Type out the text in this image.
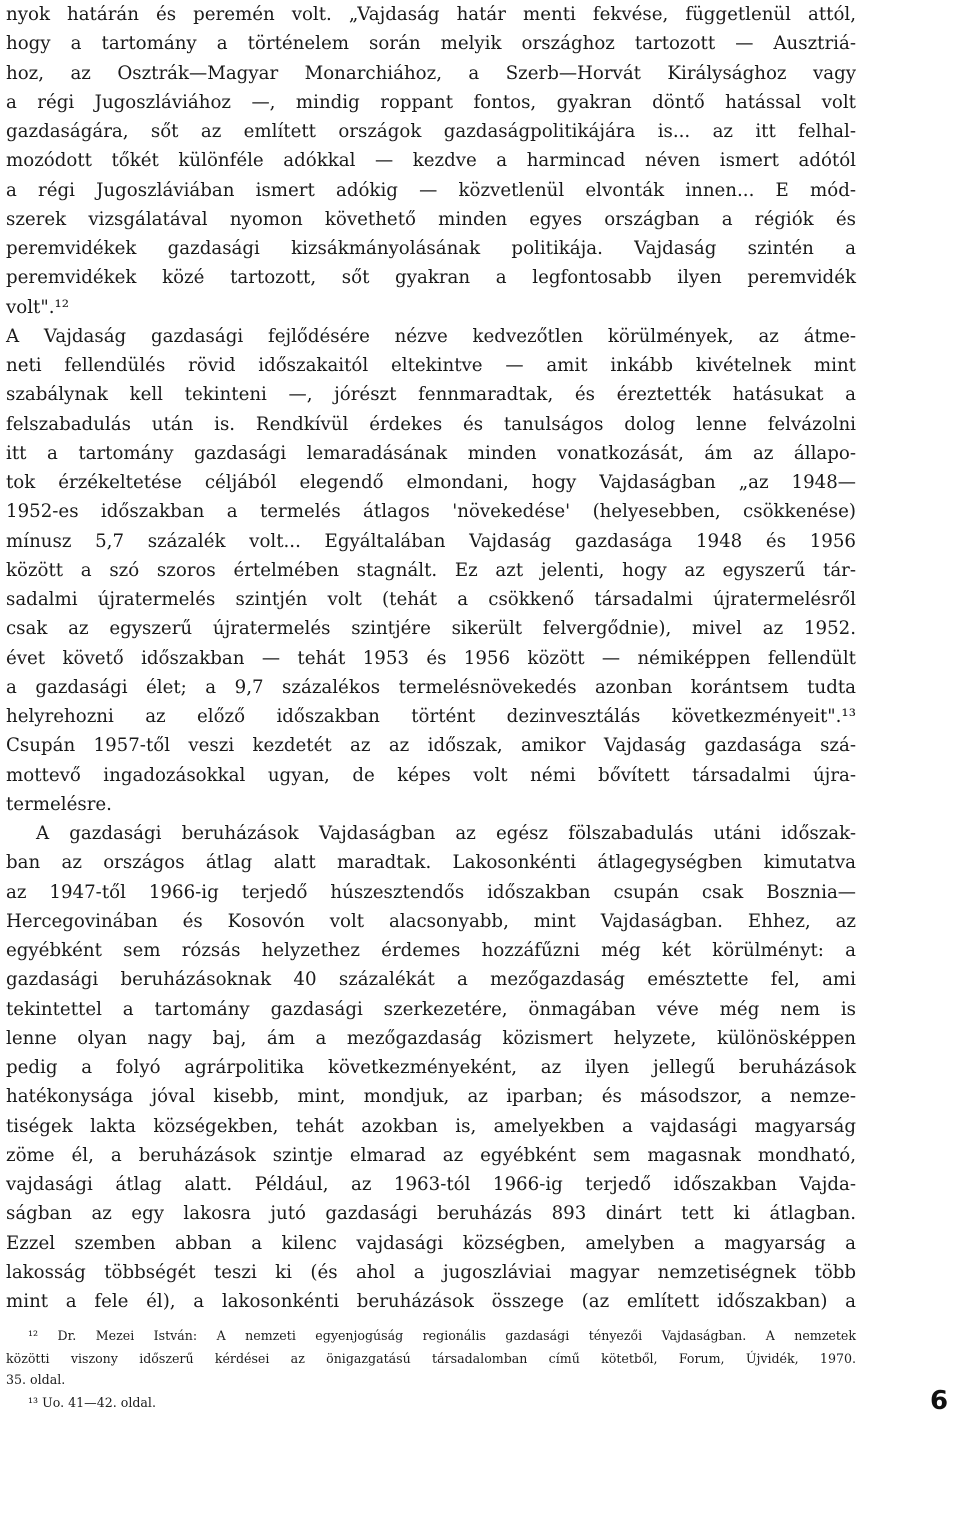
nyok határán és peremén volt. „Vajdaság határ menti fekvése, függetlenül attól,
hogy a tartomány a történelem során melyik országhoz tartozott — Ausztriá-
hoz, az Osztrák—Magyar Monarchiához, a Szerb—Horvát Királysághoz vagy
a régi Jugoszláviához —, mindig roppant fontos, gyakran döntő hatással volt
gazdaságára, sőt az említett országok gazdaságpolitikájára is... az itt felhal-
mozódott tőkét különféle adókkal — kezdve a harmincad néven ismert adótól
a régi Jugoszláviában ismert adókig — közvetlenül elvonták innen... E mód-
szerek vizsgálatával nyomon követhető minden egyes országban a régiók és
peremvidékek gazdasági kizsákmányolásának politikája. Vajdaság szintén a
peremvidékek közé tartozott, sőt gyakran a legfontosabb ilyen peremvidék
volt".¹²
A Vajdaság gazdasági fejlődésére nézve kedvezőtlen körülmények, az átme-
neti fellendülés rövid időszakaitól eltekintve — amit inkább kivételnek mint
szabálynak kell tekinteni —, jórészt fennmaradtak, és éreztették hatásukat a
felszabadulás után is. Rendkívül érdekes és tanulságos dolog lenne felvázolni
itt a tartomány gazdasági lemaradásának minden vonatkozását, ám az állapo-
tok érzékeltetése céljából elegendő elmondani, hogy Vajdaságban „az 1948—
1952-es időszakban a termelés átlagos 'növekedése' (helyesebben, csökkenése)
mínusz 5,7 százalék volt... Egyáltalában Vajdaság gazdasága 1948 és 1956
között a szó szoros értelmében stagnált. Ez azt jelenti, hogy az egyszerű tár-
sadalmi újratermelés szintjén volt (tehát a csökkenő társadalmi újratermelésről
csak az egyszerű újratermelés szintjére sikerült felvergődnie), mivel az 1952.
évet követő időszakban — tehát 1953 és 1956 között — némiképpen fellendült
a gazdasági élet; a 9,7 százalékos termelésnövekedés azonban korántsem tudta
helyrehozni az előző időszakban történt dezinvesztálás következményeit".¹³
Csupán 1957-től veszi kezdetét az az időszak, amikor Vajdaság gazdasága szá-
mottevő ingadozásokkal ugyan, de képes volt némi bővített társadalmi újra-
termelésre.
A gazdasági beruházások Vajdaságban az egész fölszabadulás utáni időszak-
ban az országos átlag alatt maradtak. Lakosonkénti átlagegységben kimutatva
az 1947-től 1966-ig terjedő húszesztendős időszakban csupán csak Bosznia—
Hercegovinában és Kosovón volt alacsonyabb, mint Vajdaságban. Ehhez, az
egyébként sem rózsás helyzethez érdemes hozzáfűzni még két körülményt: a
gazdasági beruházásoknak 40 százalékát a mezőgazdaság emésztette fel, ami
tekintettel a tartomány gazdasági szerkezetére, önmagában véve még nem is
lenne olyan nagy baj, ám a mezőgazdaság közismert helyzete, különösképpen
pedig a folyó agrárpolitika következményeként, az ilyen jellegű beruházások
hatékonysága jóval kisebb, mint, mondjuk, az iparban; és másodszor, a nemze-
tiségek lakta községekben, tehát azokban is, amelyekben a vajdasági magyarság
zöme él, a beruházások szintje elmarad az egyébként sem magasnak mondható,
vajdasági átlag alatt. Például, az 1963-tól 1966-ig terjedő időszakban Vajda-
ságban az egy lakosra jutó gazdasági beruházás 893 dinárt tett ki átlagban.
Ezzel szemben abban a kilenc vajdasági községben, amelyben a magyarság a
lakosság többségét teszi ki (és ahol a jugoszláviai magyar nemzetiségnek több
mint a fele él), a lakosonkénti beruházások összege (az említett időszakban) a
¹² Dr. Mezei István: A nemzeti egyenjogúság regionális gazdasági tényezői Vajdaságban. A nemzetek
közötti viszony időszerű kérdései az önigazgatású társadalomban című kötetből, Forum, Újvidék, 1970.
35. oldal.
¹³ Uo. 41—42. oldal.	6
